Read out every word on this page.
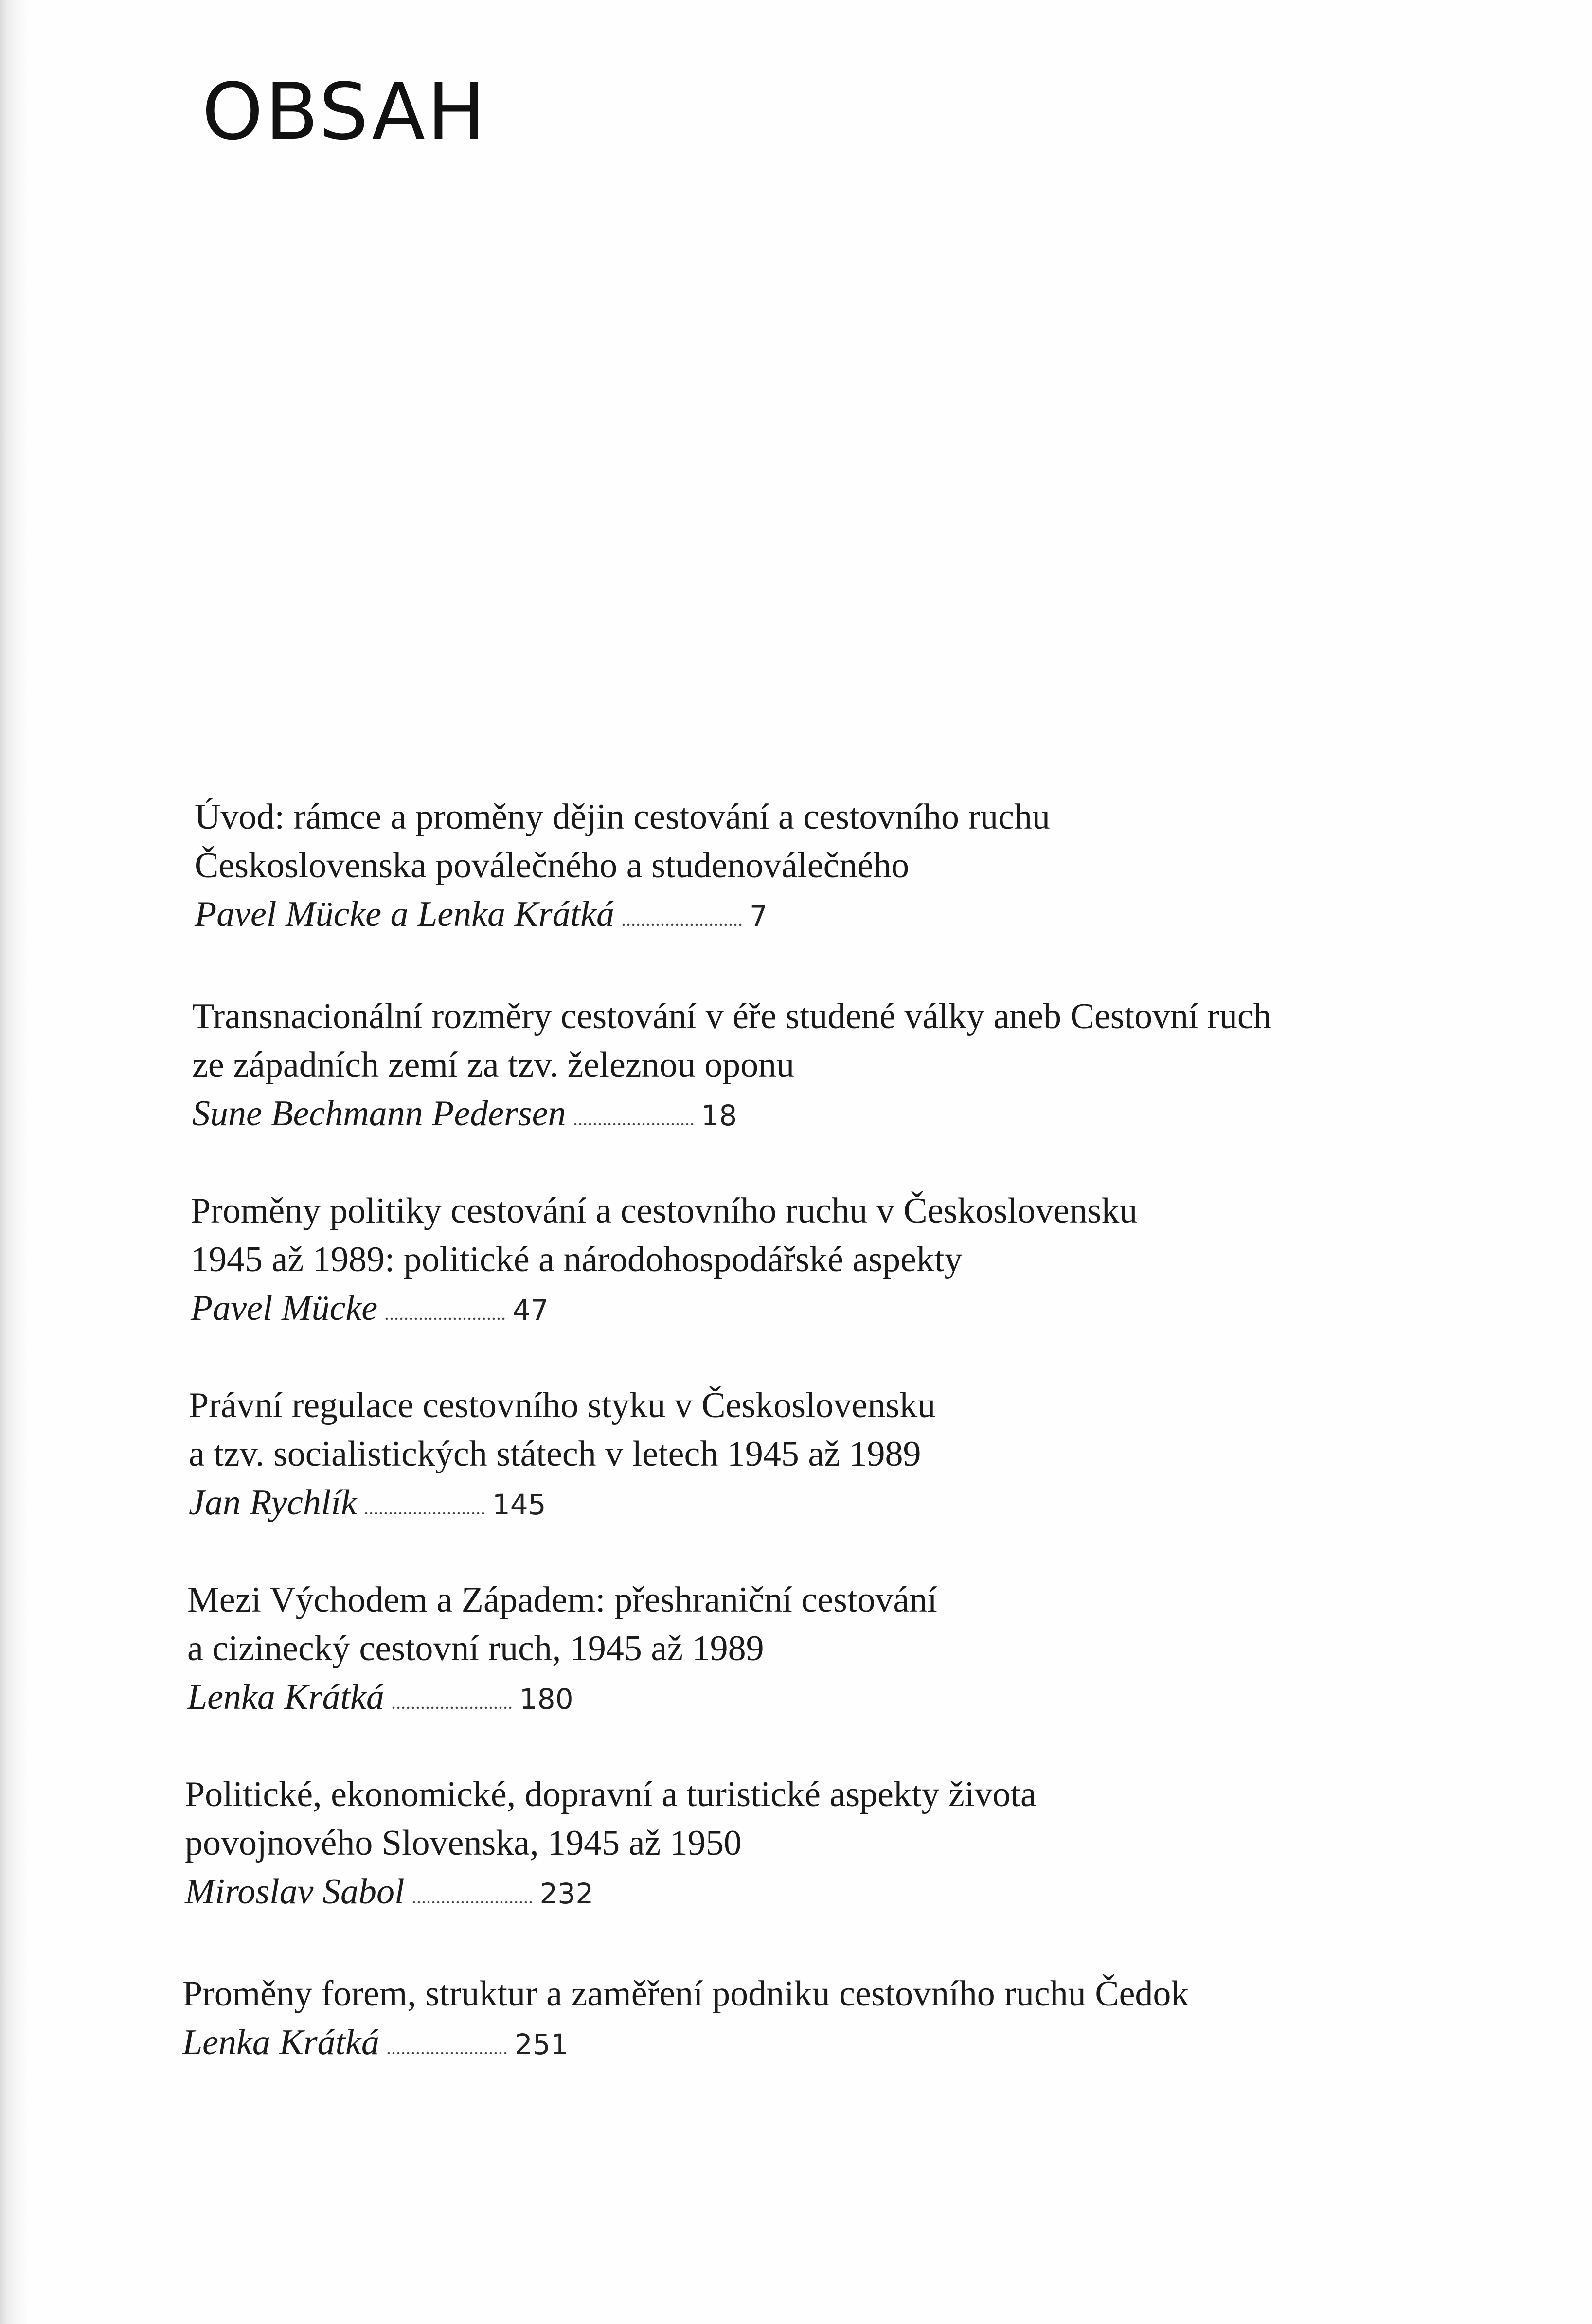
OBSAH
Úvod: rámce a proměny dějin cestování a cestovního ruchu
Československa poválečného a studenoválečného
Pavel Mücke a Lenka Krátká	7
Transnacionální rozměry cestování v éře studené války aneb Cestovní ruch
ze západních zemí za tzv. železnou oponu
Sune Bechmann Pedersen	18
Proměny politiky cestování a cestovního ruchu v Československu
1945 až 1989: politické a národohospodářské aspekty
Pavel Mücke	47
Právní regulace cestovního styku v Československu
a tzv. socialistických státech v letech 1945 až 1989
Jan Rychlík	145
Mezi Východem a Západem: přeshraniční cestování
a cizinecký cestovní ruch, 1945 až 1989
Lenka Krátká	180
Politické, ekonomické, dopravní a turistické aspekty života
povojnového Slovenska, 1945 až 1950
Miroslav Sabol	232
Proměny forem, struktur a zaměření podniku cestovního ruchu Čedok
Lenka Krátká	251
